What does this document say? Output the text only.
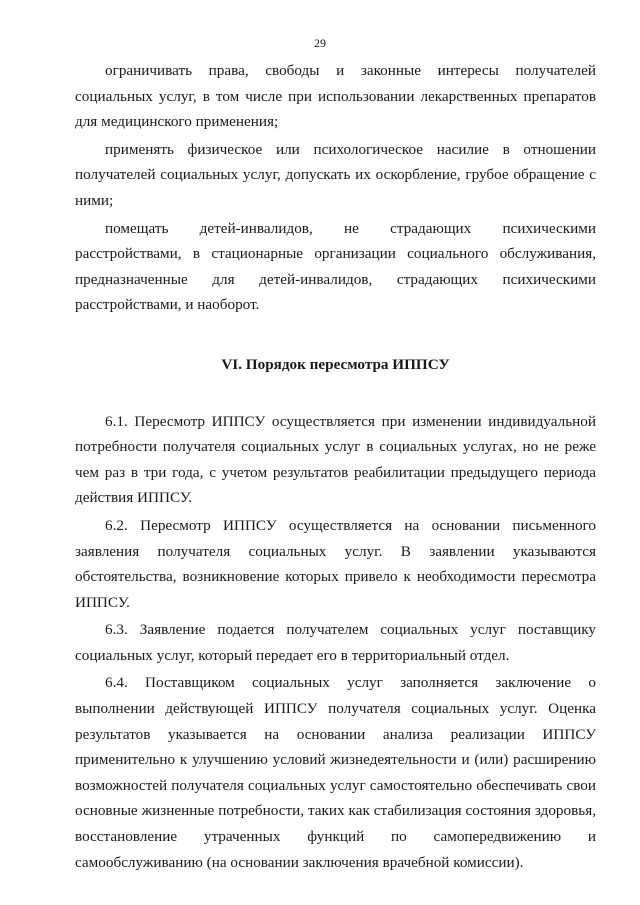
29

ограничивать права, свободы и законные интересы получателей социальных услуг, в том числе при использовании лекарственных препаратов для медицинского применения;

применять физическое или психологическое насилие в отношении получателей социальных услуг, допускать их оскорбление, грубое обращение с ними;

помещать детей-инвалидов, не страдающих психическими расстройствами, в стационарные организации социального обслуживания, предназначенные для детей-инвалидов, страдающих психическими расстройствами, и наоборот.

VI. Порядок пересмотра ИППСУ

6.1. Пересмотр ИППСУ осуществляется при изменении индивидуальной потребности получателя социальных услуг в социальных услугах, но не реже чем раз в три года, с учетом результатов реабилитации предыдущего периода действия ИППСУ.

6.2. Пересмотр ИППСУ осуществляется на основании письменного заявления получателя социальных услуг. В заявлении указываются обстоятельства, возникновение которых привело к необходимости пересмотра ИППСУ.

6.3. Заявление подается получателем социальных услуг поставщику социальных услуг, который передает его в территориальный отдел.

6.4. Поставщиком социальных услуг заполняется заключение о выполнении действующей ИППСУ получателя социальных услуг. Оценка результатов указывается на основании анализа реализации ИППСУ применительно к улучшению условий жизнедеятельности и (или) расширению возможностей получателя социальных услуг самостоятельно обеспечивать свои основные жизненные потребности, таких как стабилизация состояния здоровья, восстановление утраченных функций по самопередвижению и самообслуживанию (на основании заключения врачебной комиссии).
